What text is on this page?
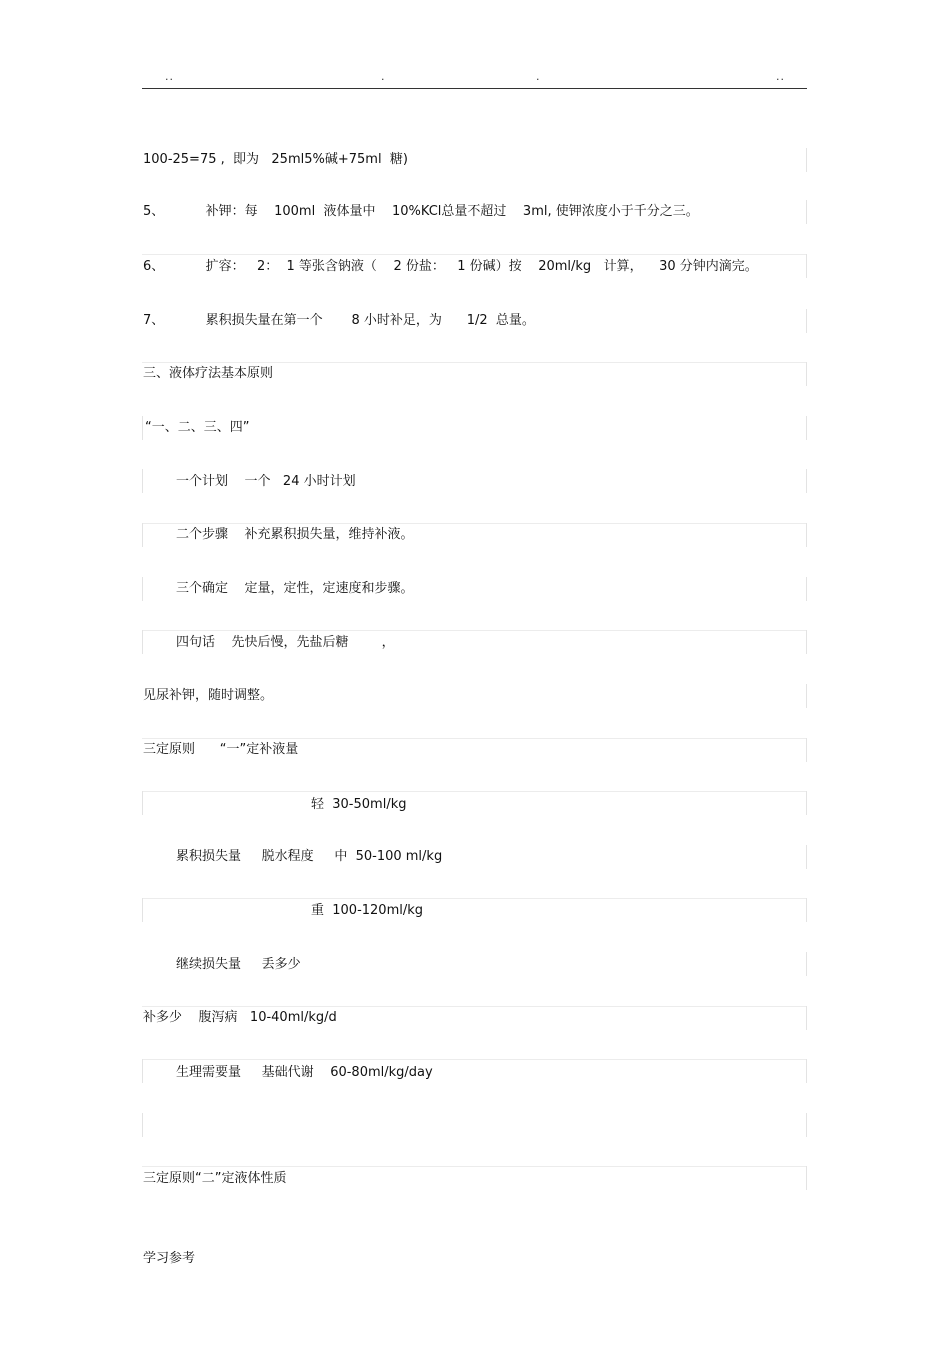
..	.	.	..
100-25=75 ,  即为   25ml5%碱+75ml  糖)
5、          补钾：每    100ml  液体量中    10%KCl总量不超过    3ml, 使钾浓度小于千分之三。
6、          扩容：   2：  1 等张含钠液（    2 份盐：   1 份碱）按    20ml/kg   计算，    30 分钟内滴完。
7、          累积损失量在第一个       8 小时补足，为      1/2  总量。
三、液体疗法基本原则
“一、二、三、四”
一个计划    一个   24 小时计划
二个步骤    补充累积损失量，维持补液。
三个确定    定量，定性，定速度和步骤。
四句话    先快后慢，先盐后糖        ，
见尿补钾，随时调整。
三定原则      “一”定补液量
轻  30-50ml/kg
累积损失量     脱水程度     中  50-100 ml/kg
重  100-120ml/kg
继续损失量     丢多少
补多少    腹泻病   10-40ml/kg/d
生理需要量     基础代谢    60-80ml/kg/day
三定原则“二”定液体性质
学习参考
